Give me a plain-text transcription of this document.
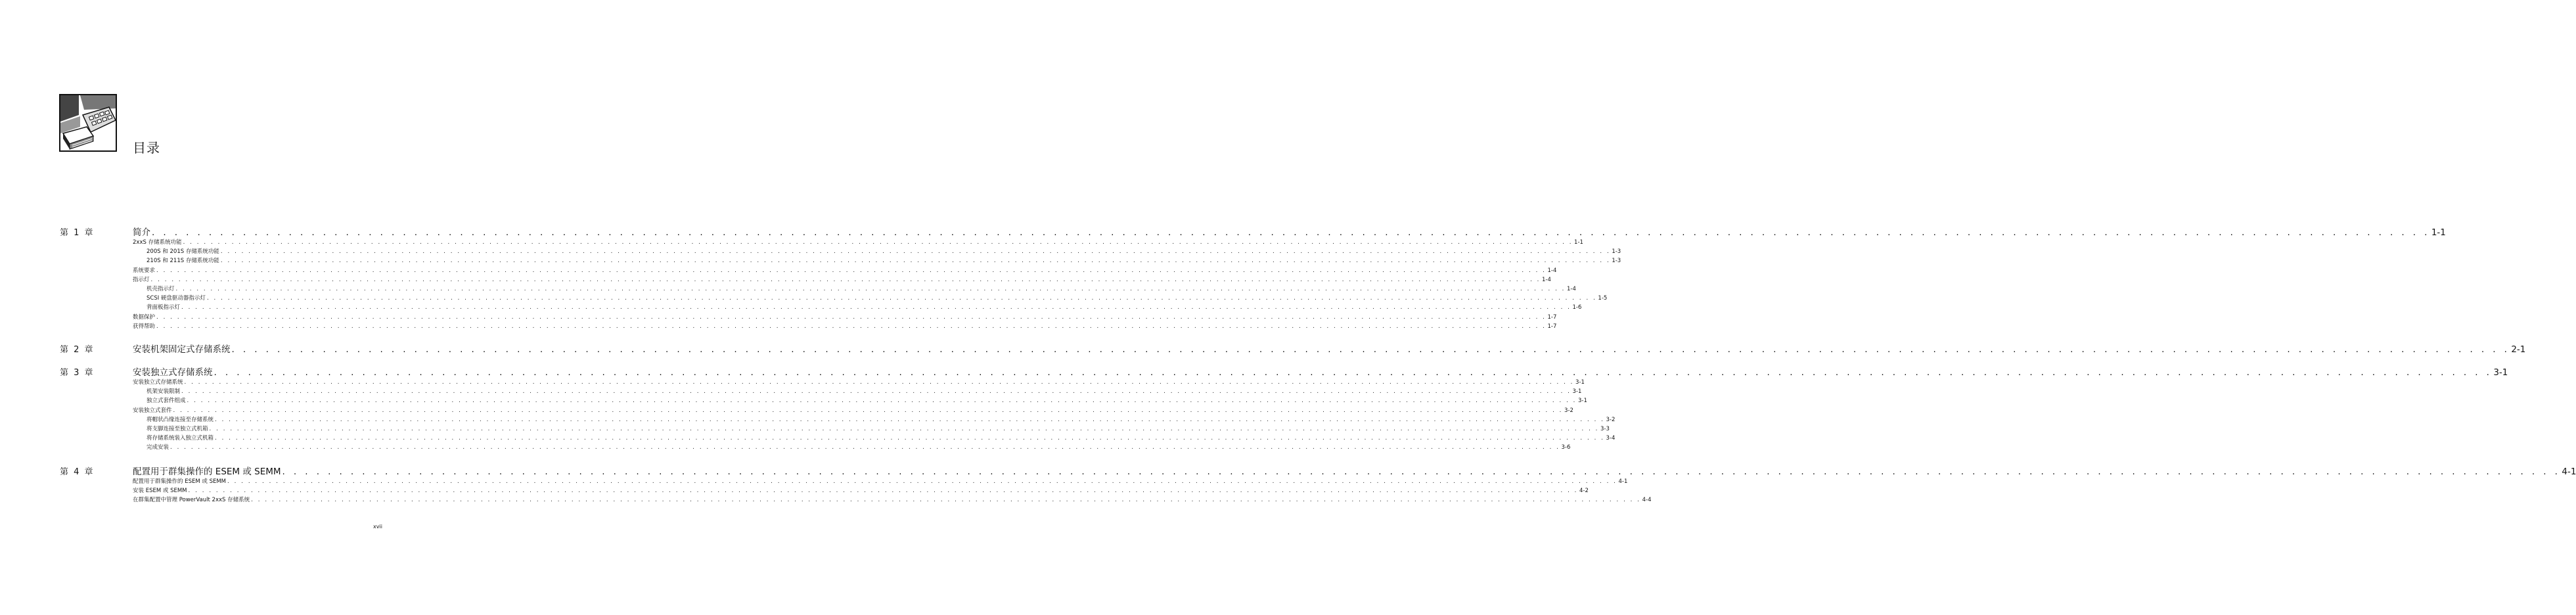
目录
第 1 章	简介 . . . . . . . . . . . . . . . . . . . . . . . . . . . . . . . . . . . . . . . . . . . . . . . . . . . . . . . . . . . . . . . . . . . . . . . . . . . . . . . . . . . . . . . . . . . . . . . . . . . . . . . . . . . . . . . . . . . . . . . . . . . . . . . . . . . . . . . . . . . . . . . . . . . . . . . . . . . . . . . . . . . . . . . . . . . . . . . . . . . . . . . . . . . . . . . . . . . . . . . . 1-1
2xxS 存储系统功能 . . . . . . . . . . . . . . . . . . . . . . . . . . . . . . . . . . . . . . . . . . . . . . . . . . . . . . . . . . . . . . . . . . . . . . . . . . . . . . . . . . . . . . . . . . . . . . . . . . . . . . . . . . . . . . . . . . . . . . . . . . . . . . . . . . . . . . . . . . . . . . . . . . . . . . . . . . . . . . . . . . . . . . . . . . . . . . . . . . . . . . . . . . . . . . . . . . . . . . . . 1-1
200S 和 201S 存储系统功能 . . . . . . . . . . . . . . . . . . . . . . . . . . . . . . . . . . . . . . . . . . . . . . . . . . . . . . . . . . . . . . . . . . . . . . . . . . . . . . . . . . . . . . . . . . . . . . . . . . . . . . . . . . . . . . . . . . . . . . . . . . . . . . . . . . . . . . . . . . . . . . . . . . . . . . . . . . . . . . . . . . . . . . . . . . . . . . . . . . . . . . . . . . . . . . . . . . . . . . . . 1-3
210S 和 211S 存储系统功能 . . . . . . . . . . . . . . . . . . . . . . . . . . . . . . . . . . . . . . . . . . . . . . . . . . . . . . . . . . . . . . . . . . . . . . . . . . . . . . . . . . . . . . . . . . . . . . . . . . . . . . . . . . . . . . . . . . . . . . . . . . . . . . . . . . . . . . . . . . . . . . . . . . . . . . . . . . . . . . . . . . . . . . . . . . . . . . . . . . . . . . . . . . . . . . . . . . . . . . . . 1-3
系统要求 . . . . . . . . . . . . . . . . . . . . . . . . . . . . . . . . . . . . . . . . . . . . . . . . . . . . . . . . . . . . . . . . . . . . . . . . . . . . . . . . . . . . . . . . . . . . . . . . . . . . . . . . . . . . . . . . . . . . . . . . . . . . . . . . . . . . . . . . . . . . . . . . . . . . . . . . . . . . . . . . . . . . . . . . . . . . . . . . . . . . . . . . . . . . . . . . . . . . . . . . 1-4
指示灯 . . . . . . . . . . . . . . . . . . . . . . . . . . . . . . . . . . . . . . . . . . . . . . . . . . . . . . . . . . . . . . . . . . . . . . . . . . . . . . . . . . . . . . . . . . . . . . . . . . . . . . . . . . . . . . . . . . . . . . . . . . . . . . . . . . . . . . . . . . . . . . . . . . . . . . . . . . . . . . . . . . . . . . . . . . . . . . . . . . . . . . . . . . . . . . . . . . . . . . . . 1-4
机壳指示灯 . . . . . . . . . . . . . . . . . . . . . . . . . . . . . . . . . . . . . . . . . . . . . . . . . . . . . . . . . . . . . . . . . . . . . . . . . . . . . . . . . . . . . . . . . . . . . . . . . . . . . . . . . . . . . . . . . . . . . . . . . . . . . . . . . . . . . . . . . . . . . . . . . . . . . . . . . . . . . . . . . . . . . . . . . . . . . . . . . . . . . . . . . . . . . . . . . . . . . . . . 1-4
SCSI 硬盘驱动器指示灯 . . . . . . . . . . . . . . . . . . . . . . . . . . . . . . . . . . . . . . . . . . . . . . . . . . . . . . . . . . . . . . . . . . . . . . . . . . . . . . . . . . . . . . . . . . . . . . . . . . . . . . . . . . . . . . . . . . . . . . . . . . . . . . . . . . . . . . . . . . . . . . . . . . . . . . . . . . . . . . . . . . . . . . . . . . . . . . . . . . . . . . . . . . . . . . . . . . . . . . . . 1-5
背面板指示灯 . . . . . . . . . . . . . . . . . . . . . . . . . . . . . . . . . . . . . . . . . . . . . . . . . . . . . . . . . . . . . . . . . . . . . . . . . . . . . . . . . . . . . . . . . . . . . . . . . . . . . . . . . . . . . . . . . . . . . . . . . . . . . . . . . . . . . . . . . . . . . . . . . . . . . . . . . . . . . . . . . . . . . . . . . . . . . . . . . . . . . . . . . . . . . . . . . . . . . . . . 1-6
数据保护 . . . . . . . . . . . . . . . . . . . . . . . . . . . . . . . . . . . . . . . . . . . . . . . . . . . . . . . . . . . . . . . . . . . . . . . . . . . . . . . . . . . . . . . . . . . . . . . . . . . . . . . . . . . . . . . . . . . . . . . . . . . . . . . . . . . . . . . . . . . . . . . . . . . . . . . . . . . . . . . . . . . . . . . . . . . . . . . . . . . . . . . . . . . . . . . . . . . . . . . . 1-7
获得帮助 . . . . . . . . . . . . . . . . . . . . . . . . . . . . . . . . . . . . . . . . . . . . . . . . . . . . . . . . . . . . . . . . . . . . . . . . . . . . . . . . . . . . . . . . . . . . . . . . . . . . . . . . . . . . . . . . . . . . . . . . . . . . . . . . . . . . . . . . . . . . . . . . . . . . . . . . . . . . . . . . . . . . . . . . . . . . . . . . . . . . . . . . . . . . . . . . . . . . . . . . 1-7
第 2 章	安装机架固定式存储系统 . . . . . . . . . . . . . . . . . . . . . . . . . . . . . . . . . . . . . . . . . . . . . . . . . . . . . . . . . . . . . . . . . . . . . . . . . . . . . . . . . . . . . . . . . . . . . . . . . . . . . . . . . . . . . . . . . . . . . . . . . . . . . . . . . . . . . . . . . . . . . . . . . . . . . . . . . . . . . . . . . . . . . . . . . . . . . . . . . . . . . . . . . . . . . . . . . . . . . . . . 2-1
第 3 章	安装独立式存储系统 . . . . . . . . . . . . . . . . . . . . . . . . . . . . . . . . . . . . . . . . . . . . . . . . . . . . . . . . . . . . . . . . . . . . . . . . . . . . . . . . . . . . . . . . . . . . . . . . . . . . . . . . . . . . . . . . . . . . . . . . . . . . . . . . . . . . . . . . . . . . . . . . . . . . . . . . . . . . . . . . . . . . . . . . . . . . . . . . . . . . . . . . . . . . . . . . . . . . . . . . 3-1
安装独立式存储系统 . . . . . . . . . . . . . . . . . . . . . . . . . . . . . . . . . . . . . . . . . . . . . . . . . . . . . . . . . . . . . . . . . . . . . . . . . . . . . . . . . . . . . . . . . . . . . . . . . . . . . . . . . . . . . . . . . . . . . . . . . . . . . . . . . . . . . . . . . . . . . . . . . . . . . . . . . . . . . . . . . . . . . . . . . . . . . . . . . . . . . . . . . . . . . . . . . . . . . . . . 3-1
机架安装限制 . . . . . . . . . . . . . . . . . . . . . . . . . . . . . . . . . . . . . . . . . . . . . . . . . . . . . . . . . . . . . . . . . . . . . . . . . . . . . . . . . . . . . . . . . . . . . . . . . . . . . . . . . . . . . . . . . . . . . . . . . . . . . . . . . . . . . . . . . . . . . . . . . . . . . . . . . . . . . . . . . . . . . . . . . . . . . . . . . . . . . . . . . . . . . . . . . . . . . . . . 3-1
独立式套件组成 . . . . . . . . . . . . . . . . . . . . . . . . . . . . . . . . . . . . . . . . . . . . . . . . . . . . . . . . . . . . . . . . . . . . . . . . . . . . . . . . . . . . . . . . . . . . . . . . . . . . . . . . . . . . . . . . . . . . . . . . . . . . . . . . . . . . . . . . . . . . . . . . . . . . . . . . . . . . . . . . . . . . . . . . . . . . . . . . . . . . . . . . . . . . . . . . . . . . . . . . 3-1
安装独立式套件 . . . . . . . . . . . . . . . . . . . . . . . . . . . . . . . . . . . . . . . . . . . . . . . . . . . . . . . . . . . . . . . . . . . . . . . . . . . . . . . . . . . . . . . . . . . . . . . . . . . . . . . . . . . . . . . . . . . . . . . . . . . . . . . . . . . . . . . . . . . . . . . . . . . . . . . . . . . . . . . . . . . . . . . . . . . . . . . . . . . . . . . . . . . . . . . . . . . . . . . . 3-2
将帽状凸缘连接至存储系统 . . . . . . . . . . . . . . . . . . . . . . . . . . . . . . . . . . . . . . . . . . . . . . . . . . . . . . . . . . . . . . . . . . . . . . . . . . . . . . . . . . . . . . . . . . . . . . . . . . . . . . . . . . . . . . . . . . . . . . . . . . . . . . . . . . . . . . . . . . . . . . . . . . . . . . . . . . . . . . . . . . . . . . . . . . . . . . . . . . . . . . . . . . . . . . . . . . . . . . . . 3-2
将支脚连接至独立式机箱 . . . . . . . . . . . . . . . . . . . . . . . . . . . . . . . . . . . . . . . . . . . . . . . . . . . . . . . . . . . . . . . . . . . . . . . . . . . . . . . . . . . . . . . . . . . . . . . . . . . . . . . . . . . . . . . . . . . . . . . . . . . . . . . . . . . . . . . . . . . . . . . . . . . . . . . . . . . . . . . . . . . . . . . . . . . . . . . . . . . . . . . . . . . . . . . . . . . . . . . . 3-3
将存储系统装入独立式机箱 . . . . . . . . . . . . . . . . . . . . . . . . . . . . . . . . . . . . . . . . . . . . . . . . . . . . . . . . . . . . . . . . . . . . . . . . . . . . . . . . . . . . . . . . . . . . . . . . . . . . . . . . . . . . . . . . . . . . . . . . . . . . . . . . . . . . . . . . . . . . . . . . . . . . . . . . . . . . . . . . . . . . . . . . . . . . . . . . . . . . . . . . . . . . . . . . . . . . . . . . 3-4
完成安装 . . . . . . . . . . . . . . . . . . . . . . . . . . . . . . . . . . . . . . . . . . . . . . . . . . . . . . . . . . . . . . . . . . . . . . . . . . . . . . . . . . . . . . . . . . . . . . . . . . . . . . . . . . . . . . . . . . . . . . . . . . . . . . . . . . . . . . . . . . . . . . . . . . . . . . . . . . . . . . . . . . . . . . . . . . . . . . . . . . . . . . . . . . . . . . . . . . . . . . . . 3-6
第 4 章	配置用于群集操作的 ESEM 或 SEMM . . . . . . . . . . . . . . . . . . . . . . . . . . . . . . . . . . . . . . . . . . . . . . . . . . . . . . . . . . . . . . . . . . . . . . . . . . . . . . . . . . . . . . . . . . . . . . . . . . . . . . . . . . . . . . . . . . . . . . . . . . . . . . . . . . . . . . . . . . . . . . . . . . . . . . . . . . . . . . . . . . . . . . . . . . . . . . . . . . . . . . . . . . . . . . . . . . . . . . . . 4-1
配置用于群集操作的 ESEM 或 SEMM . . . . . . . . . . . . . . . . . . . . . . . . . . . . . . . . . . . . . . . . . . . . . . . . . . . . . . . . . . . . . . . . . . . . . . . . . . . . . . . . . . . . . . . . . . . . . . . . . . . . . . . . . . . . . . . . . . . . . . . . . . . . . . . . . . . . . . . . . . . . . . . . . . . . . . . . . . . . . . . . . . . . . . . . . . . . . . . . . . . . . . . . . . . . . . . . . . . . . . . . 4-1
安装 ESEM 或 SEMM . . . . . . . . . . . . . . . . . . . . . . . . . . . . . . . . . . . . . . . . . . . . . . . . . . . . . . . . . . . . . . . . . . . . . . . . . . . . . . . . . . . . . . . . . . . . . . . . . . . . . . . . . . . . . . . . . . . . . . . . . . . . . . . . . . . . . . . . . . . . . . . . . . . . . . . . . . . . . . . . . . . . . . . . . . . . . . . . . . . . . . . . . . . . . . . . . . . . . . . . 4-2
在群集配置中管理 PowerVault 2xxS 存储系统 . . . . . . . . . . . . . . . . . . . . . . . . . . . . . . . . . . . . . . . . . . . . . . . . . . . . . . . . . . . . . . . . . . . . . . . . . . . . . . . . . . . . . . . . . . . . . . . . . . . . . . . . . . . . . . . . . . . . . . . . . . . . . . . . . . . . . . . . . . . . . . . . . . . . . . . . . . . . . . . . . . . . . . . . . . . . . . . . . . . . . . . . . . . . . . . . . . . . . . . . 4-4
xvii
